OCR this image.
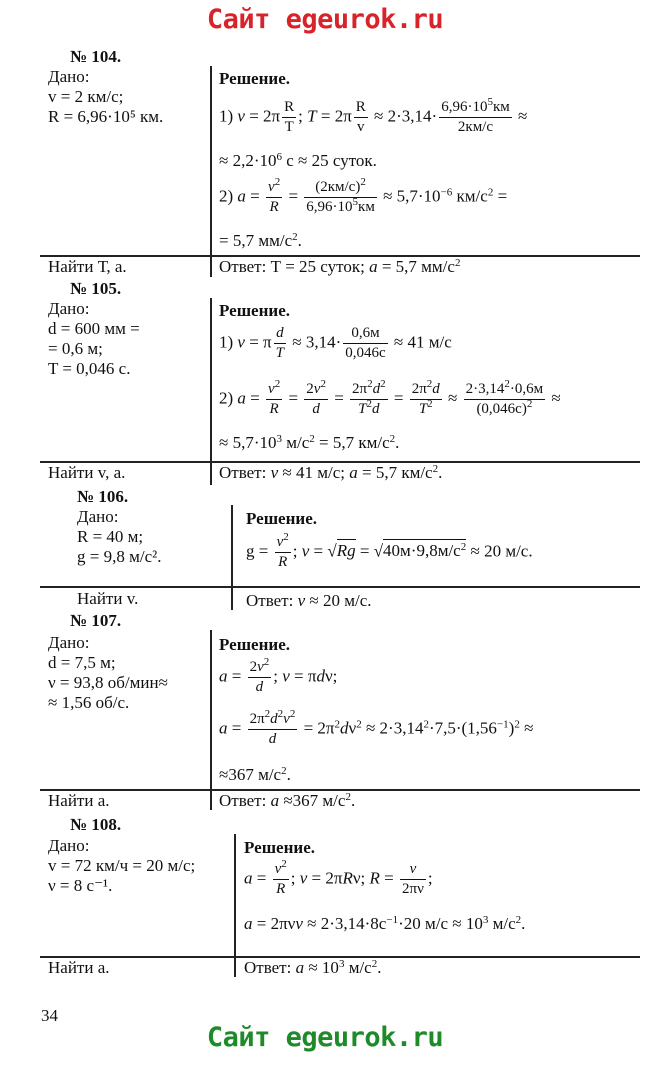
Сайт egeurok.ru
№ 104.
Дано:
v = 2 км/с;
R = 6,96·10⁵ км.
Решение.
1) $v = 2\pi \frac{R}{T}$ ; $T = 2\pi \frac{R}{v} \approx 2\cdot 3,14\cdot \frac{6,96\cdot 10^5км}{2км/с}$ ≈
≈ $2,2\cdot 10^6$ с ≈ 25 суток.
2) $a = \frac{v^2}{R} = \frac{(2км/с)^2}{6,96\cdot 10^5км} \approx 5,7\cdot 10^{-6}$ $км/с^2$ =
= 5,7 $мм/с^2$.
Найти Т, a.	Ответ: Т = 25 суток; a = 5,7 $мм/с^2$
№ 105.
Дано:
d = 600 мм =
= 0,6 м;
T = 0,046 с.
Решение.
1) v = π $\frac{d}{T} \approx 3,14\cdot \frac{0,6м}{0,046с} \approx 41$ м/с
2) $a = \frac{v^2}{R} = \frac{2v^2}{d} = \frac{2\pi^2d^2}{T^2d} = \frac{2\pi^2d}{T^2} \approx \frac{2\cdot 3,14^2\cdot 0,6м}{(0,046с)^2}$ ≈
≈ $5,7\cdot 10^3$ $м/с^2 = 5,7$ $км/с^2$.
Найти v, a.	Ответ: v ≈ 41 м/с; a = 5,7 $км/с^2$.
№ 106.
Дано:
R = 40 м;
g = 9,8 м/с².
Решение.
$g = \frac{v^2}{R}$ ; $v = √Rg = √40м\cdot 9,8м/с^2 \approx 20$ м/с.
Найти v.	Ответ: v ≈ 20 м/с.
№ 107.
Дано:
d = 7,5 м;
ν = 93,8 об/мин≈
≈ 1,56 об/с.
Решение.
$a = \frac{2v^2}{d}$ ; v = πdν;
$a = \frac{2\pi^2d^2v^2}{d} = 2\pi^2d\nu^2 \approx 2\cdot 3,14^2\cdot 7,5\cdot(1,56^{-1})^2$ ≈
≈367 $м/с^2$.
Найти a.	Ответ: a ≈367 $м/с^2$.
№ 108.
Дано:
v = 72 км/ч = 20 м/с;
ν = 8 с⁻¹.
Решение.
$a = \frac{v^2}{R}$ ; v = 2πRν; $R = \frac{v}{2\pi\nu}$ ;
$a = 2\pi\nu v \approx 2\cdot 3,14\cdot 8с^{-1}\cdot 20$ $м/с \approx 10^3$ $м/с^2$.
Найти a.	Ответ: $a \approx 10^3$ $м/с^2$.
34
Сайт egeurok.ru
